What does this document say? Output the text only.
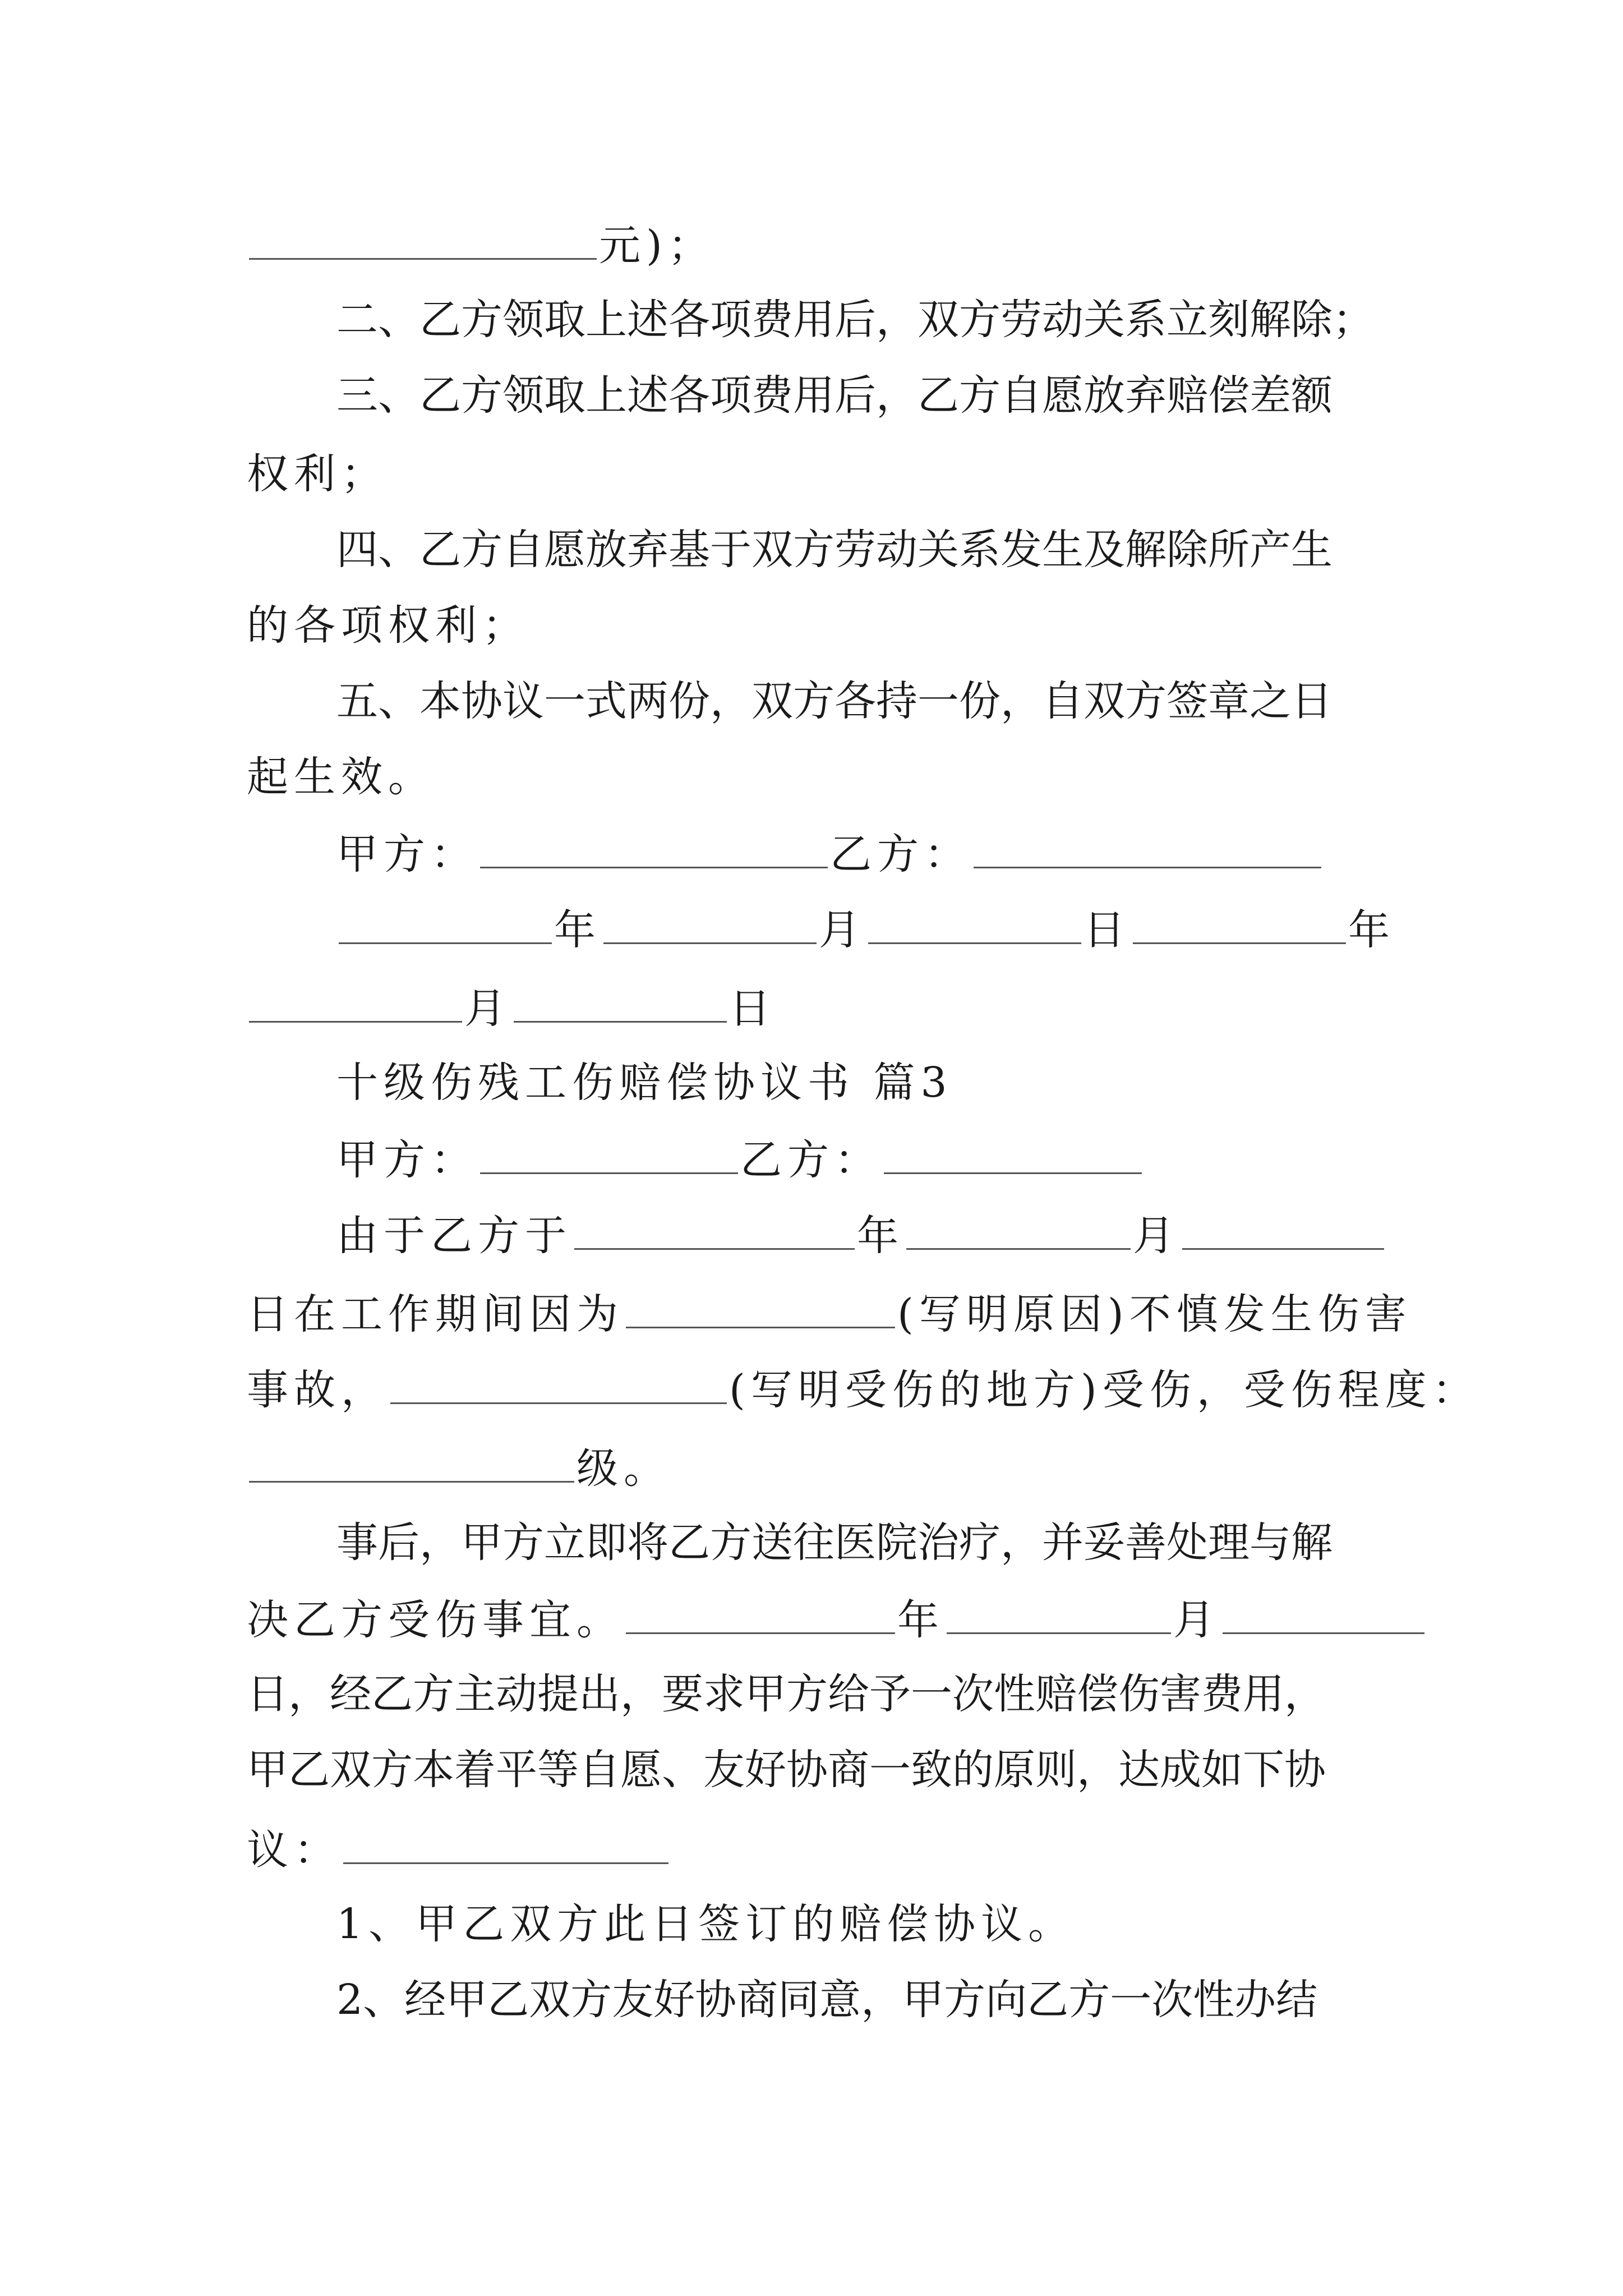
元)；
二、乙方领取上述各项费用后，双方劳动关系立刻解除；
三、乙方领取上述各项费用后，乙方自愿放弃赔偿差额
权利；
四、乙方自愿放弃基于双方劳动关系发生及解除所产生
的各项权利；
五、本协议一式两份，双方各持一份，自双方签章之日
起生效。
甲方：	乙方：
年	月	日	年
月	日
十级伤残工伤赔偿协议书 篇3
甲方：	乙方：
由于乙方于	年	月
日在工作期间因为	(写明原因)不慎发生伤害
事故，	(写明受伤的地方)受伤，受伤程度：
级。
事后，甲方立即将乙方送往医院治疗，并妥善处理与解
决乙方受伤事宜。	年	月
日，经乙方主动提出，要求甲方给予一次性赔偿伤害费用，
甲乙双方本着平等自愿、友好协商一致的原则，达成如下协
议：
1、甲乙双方此日签订的赔偿协议。
2、经甲乙双方友好协商同意，甲方向乙方一次性办结
